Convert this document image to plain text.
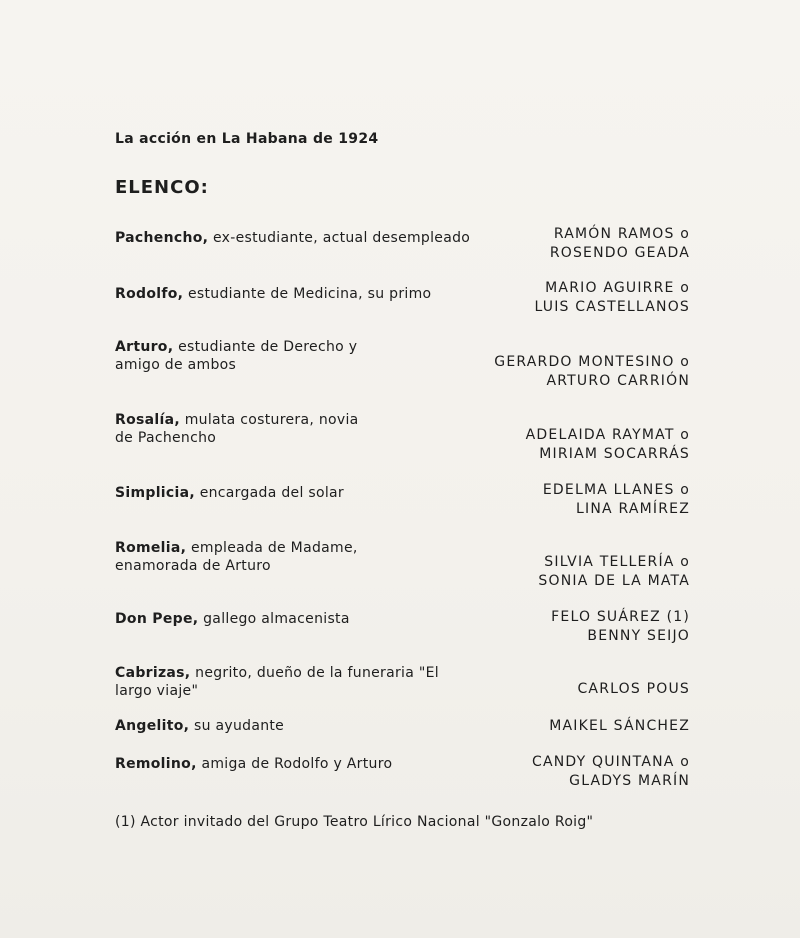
La acción en La Habana de 1924
ELENCO:
Pachencho, ex-estudiante, actual desempleado	RAMÓN RAMOS o
ROSENDO GEADA
Rodolfo, estudiante de Medicina, su primo	MARIO AGUIRRE o
LUIS CASTELLANOS
Arturo, estudiante de Derecho y amigo de ambos	GERARDO MONTESINO o
ARTURO CARRIÓN
Rosalía, mulata costurera, novia de Pachencho	ADELAIDA RAYMAT o
MIRIAM SOCARRÁS
Simplicia, encargada del solar	EDELMA LLANES o
LINA RAMÍREZ
Romelia, empleada de Madame, enamorada de Arturo	SILVIA TELLERÍA o
SONIA DE LA MATA
Don Pepe, gallego almacenista	FELO SUÁREZ (1)
BENNY SEIJO
Cabrizas, negrito, dueño de la funeraria "El largo viaje"	CARLOS POUS
Angelito, su ayudante	MAIKEL SÁNCHEZ
Remolino, amiga de Rodolfo y Arturo	CANDY QUINTANA o
GLADYS MARÍN
(1) Actor invitado del Grupo Teatro Lírico Nacional "Gonzalo Roig"
